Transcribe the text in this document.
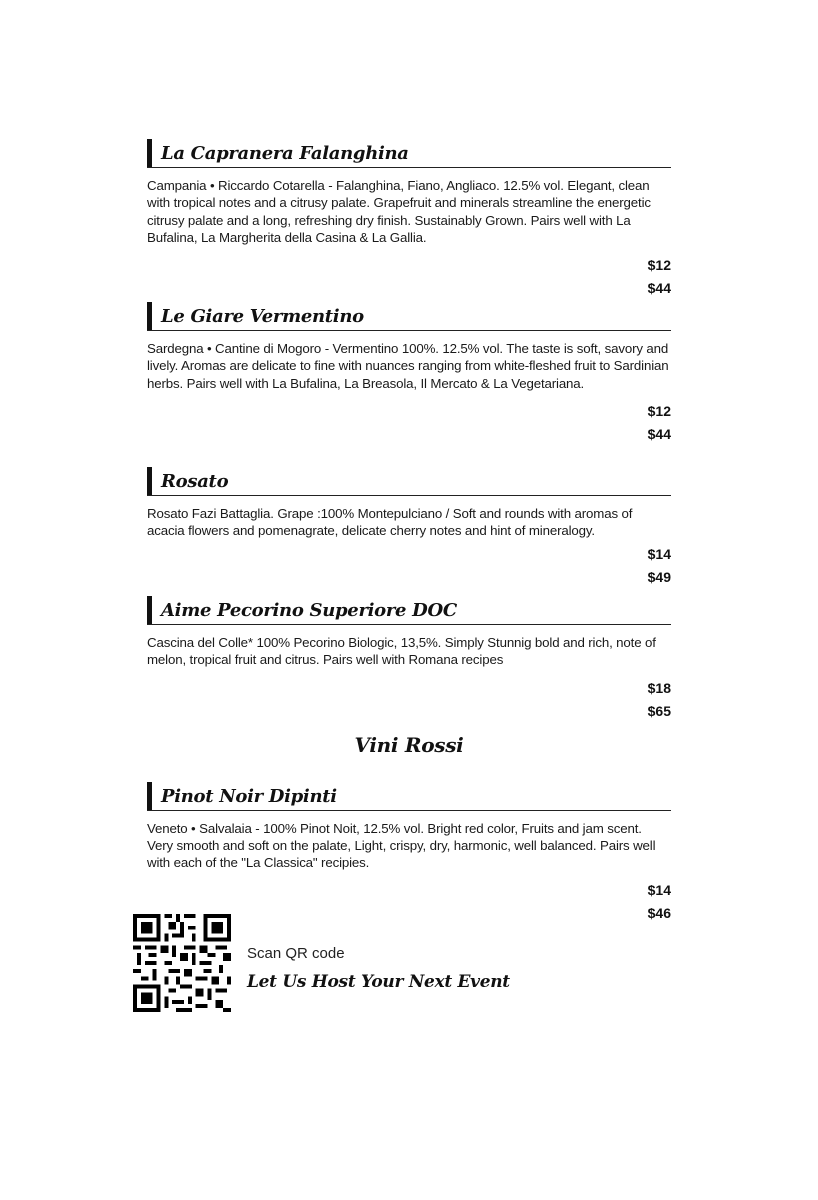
La Capranera Falanghina
Campania • Riccardo Cotarella - Falanghina, Fiano, Angliaco. 12.5% vol. Elegant, clean with tropical notes and a citrusy palate. Grapefruit and minerals streamline the energetic citrusy palate and a long, refreshing dry finish. Sustainably Grown. Pairs well with La Bufalina, La Margherita della Casina & La Gallia.
$12
$44
Le Giare Vermentino
Sardegna • Cantine di Mogoro - Vermentino 100%. 12.5% vol. The taste is soft, savory and lively. Aromas are delicate to fine with nuances ranging from white-fleshed fruit to Sardinian herbs. Pairs well with La Bufalina, La Breasola, Il Mercato & La Vegetariana.
$12
$44
Rosato
Rosato Fazi Battaglia. Grape :100% Montepulciano / Soft and rounds with aromas of acacia flowers and pomenagrate, delicate cherry notes and hint of mineralogy.
$14
$49
Aime Pecorino Superiore DOC
Cascina del Colle* 100% Pecorino Biologic, 13,5%. Simply Stunnig bold and rich, note of melon, tropical fruit and citrus. Pairs well with Romana recipes
$18
$65
Vini Rossi
Pinot Noir Dipinti
Veneto • Salvalaia - 100% Pinot Noit, 12.5% vol. Bright red color, Fruits and jam scent. Very smooth and soft on the palate, Light, crispy, dry, harmonic, well balanced. Pairs well with each of the "La Classica" recipies.
$14
$46
Scan QR code
Let Us Host Your Next Event
